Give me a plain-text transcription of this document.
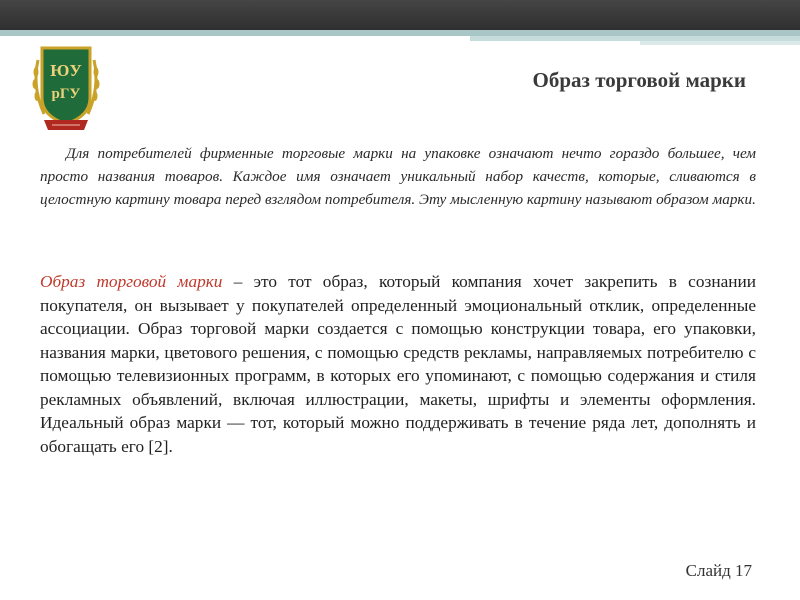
ЮУ
рГУ
Образ торговой марки

Для потребителей фирменные торговые марки на упаковке означают нечто гораздо большее, чем просто названия товаров. Каждое имя означает уникальный набор качеств, которые, сливаются в целостную картину товара перед взглядом потребителя. Эту мысленную картину называют образом марки.

Образ торговой марки – это тот образ, который компания хочет закрепить в сознании покупателя, он вызывает у покупателей определенный эмоциональный отклик, определенные ассоциации. Образ торговой марки создается с помощью конструкции товара, его упаковки, названия марки, цветового решения, с помощью средств рекламы, направляемых потребителю с помощью телевизионных программ, в которых его упоминают, с помощью содержания и стиля рекламных объявлений, включая иллюстрации, макеты, шрифты и элементы оформления. Идеальный образ марки — тот, который можно поддерживать в течение ряда лет, дополнять и обогащать его [2].

Слайд 17
